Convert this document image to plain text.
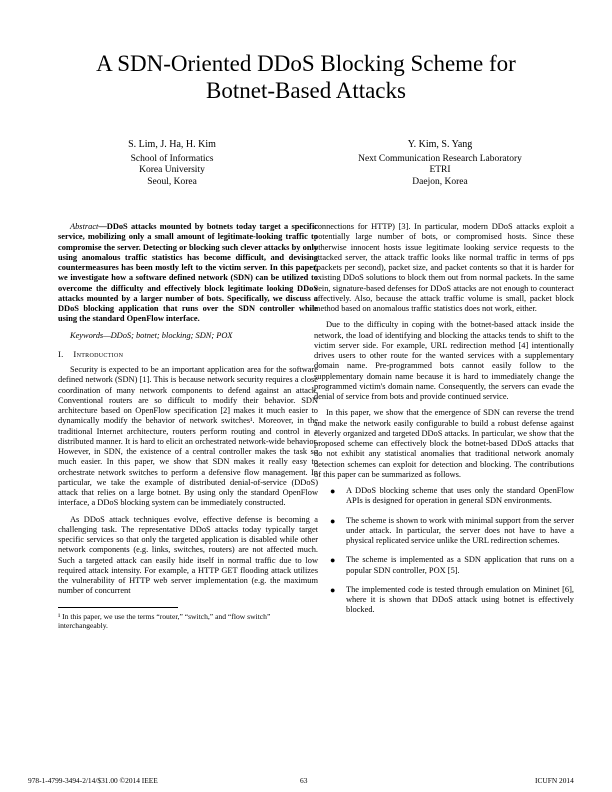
A SDN-Oriented DDoS Blocking Scheme for
Botnet-Based Attacks
S. Lim, J. Ha, H. Kim
School of Informatics
Korea University
Seoul, Korea
Y. Kim, S. Yang
Next Communication Research Laboratory
ETRI
Daejon, Korea

Abstract—DDoS attacks mounted by botnets today target a specific service, mobilizing only a small amount of legitimate-looking traffic to compromise the server. Detecting or blocking such clever attacks by only using anomalous traffic statistics has become difficult, and devising countermeasures has been mostly left to the victim server. In this paper, we investigate how a software defined network (SDN) can be utilized to overcome the difficulty and effectively block legitimate looking DDoS attacks mounted by a larger number of bots. Specifically, we discuss a DDoS blocking application that runs over the SDN controller while using the standard OpenFlow interface.

Keywords—DDoS; botnet; blocking; SDN; POX

I. Introduction

Security is expected to be an important application area for the software defined network (SDN) [1]. This is because network security requires a close coordination of many network components to defend against an attack. Conventional routers are so difficult to modify their behavior. SDN architecture based on OpenFlow specification [2] makes it much easier to dynamically modify the behavior of network switches¹. Moreover, in the traditional Internet architecture, routers perform routing and control in a distributed manner. It is hard to elicit an orchestrated network-wide behavior. However, in SDN, the existence of a central controller makes the task so much easier. In this paper, we show that SDN makes it really easy to orchestrate network switches to perform a defensive flow management. In particular, we take the example of distributed denial-of-service (DDoS) attack that relies on a large botnet. By using only the standard OpenFlow interface, a DDoS blocking system can be immediately constructed.

As DDoS attack techniques evolve, effective defense is becoming a challenging task. The representative DDoS attacks today typically target specific services so that only the targeted application is disabled while other network components (e.g. links, switches, routers) are not affected much. Such a targeted attack can easily hide itself in normal traffic due to low required attack intensity. For example, a HTTP GET flooding attack utilizes the vulnerability of HTTP web server implementation (e.g. the maximum number of concurrent

¹ In this paper, we use the terms “router,” “switch,” and “flow switch” interchangeably.

connections for HTTP) [3]. In particular, modern DDoS attacks exploit a potentially large number of bots, or compromised hosts. Since these otherwise innocent hosts issue legitimate looking service requests to the attacked server, the attack traffic looks like normal traffic in terms of pps (packets per second), packet size, and packet contents so that it is harder for existing DDoS solutions to block them out from normal packets. In the same vein, signature-based defenses for DDoS attacks are not enough to counteract effectively. Also, because the attack traffic volume is small, packet block method based on anomalous traffic statistics does not work, either.

Due to the difficulty in coping with the botnet-based attack inside the network, the load of identifying and blocking the attacks tends to shift to the victim server side. For example, URL redirection method [4] intentionally drives users to other route for the wanted services with a supplementary domain name. Pre-programmed bots cannot easily follow to the supplementary domain name because it is hard to immediately change the programmed victim's domain name. Consequently, the servers can evade the denial of service from bots and provide continued service.

In this paper, we show that the emergence of SDN can reverse the trend and make the network easily configurable to build a robust defense against cleverly organized and targeted DDoS attacks. In particular, we show that the proposed scheme can effectively block the botnet-based DDoS attacks that do not exhibit any statistical anomalies that traditional network anomaly detection schemes can exploit for detection and blocking. The contributions of this paper can be summarized as follows.

● A DDoS blocking scheme that uses only the standard OpenFlow APIs is designed for operation in general SDN environments.
● The scheme is shown to work with minimal support from the server under attack. In particular, the server does not have to have a physical replicated service unlike the URL redirection schemes.
● The scheme is implemented as a SDN application that runs on a popular SDN controller, POX [5].
● The implemented code is tested through emulation on Mininet [6], where it is shown that DDoS attack using botnet is effectively blocked.
978-1-4799-3494-2/14/$31.00 ©2014 IEEE	63	ICUFN 2014
